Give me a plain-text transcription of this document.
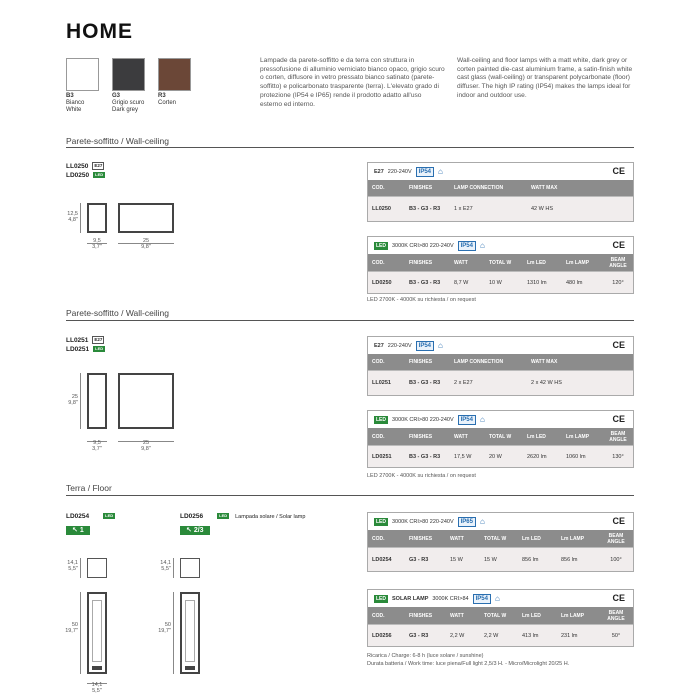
HOME
B3
Bianco
White
G3
Grigio scuro
Dark grey
R3
Corten
Lampade da parete-soffitto e da terra con struttura in pressofusione di alluminio verniciato bianco opaco, grigio scuro o corten, diffusore in vetro pressato bianco satinato (parete-soffitto) e policarbonato trasparente (terra). L'elevato grado di protezione (IP54 e IP65) rende il prodotto adatto all'uso esterno ed interno.
Wall-ceiling and floor lamps with a matt white, dark grey or corten painted die-cast aluminium frame, a satin-finish white cast glass (wall-ceiling) or transparent polycarbonate (floor) diffuser. The high IP rating (IP54) makes the lamps ideal for indoor and outdoor use.
Parete-soffitto / Wall-ceiling
LL0250 E27
LD0250 LED
12,5
4,8''
9,5
3,7''
25
9,8''
E27 220-240V	IP54 ⌂	CE
COD.	FINISHES	LAMP CONNECTION	WATT MAX
LL0250	B3 - G3 - R3	1 x E27	42 W HS
LED	3000K CRI>80 220-240V	IP54 ⌂	CE
COD.	FINISHES	WATT	TOTAL W	Lm LED	Lm LAMP	BEAM ANGLE
LD0250	B3 - G3 - R3	8,7 W	10 W	1310 lm	480 lm	120°
LED 2700K - 4000K su richiesta / on request
Parete-soffitto / Wall-ceiling
LL0251 E27
LD0251 LED
25
9,8''
9,5
3,7''
25
9,8''
E27 220-240V	IP54 ⌂	CE
COD.	FINISHES	LAMP CONNECTION	WATT MAX
LL0251	B3 - G3 - R3	2 x E27	2 x 42 W HS
LED	3000K CRI>80 220-240V	IP54 ⌂	CE
COD.	FINISHES	WATT	TOTAL W	Lm LED	Lm LAMP	BEAM ANGLE
LD0251	B3 - G3 - R3	17,5 W	20 W	2620 lm	1060 lm	130°
LED 2700K - 4000K su richiesta / on request
Terra / Floor
LD0254	LED
↖ 1
LD0256	LED Lampada solare / Solar lamp
↖ 2/3
14,1
5,5''
50
19,7''
14,1
5,5''
14,1
5,5''
50
19,7''
LED	3000K CRI>80 220-240V	IP65 ⌂	CE
COD.	FINISHES	WATT	TOTAL W	Lm LED	Lm LAMP	BEAM ANGLE
LD0254	G3 - R3	15 W	15 W	856 lm	856 lm	100°
LED	SOLAR LAMP 3000K CRI>84	IP54 ⌂	CE
COD.	FINISHES	WATT	TOTAL W	Lm LED	Lm LAMP	BEAM ANGLE
LD0256	G3 - R3	2,2 W	2,2 W	413 lm	231 lm	50°
Ricarica / Charge: 6-8 h (luce solare / sunshine)
Durata batteria / Work time: luce piena/Full light 2,5/3 H. - Micro/Microlight 20/25 H.
